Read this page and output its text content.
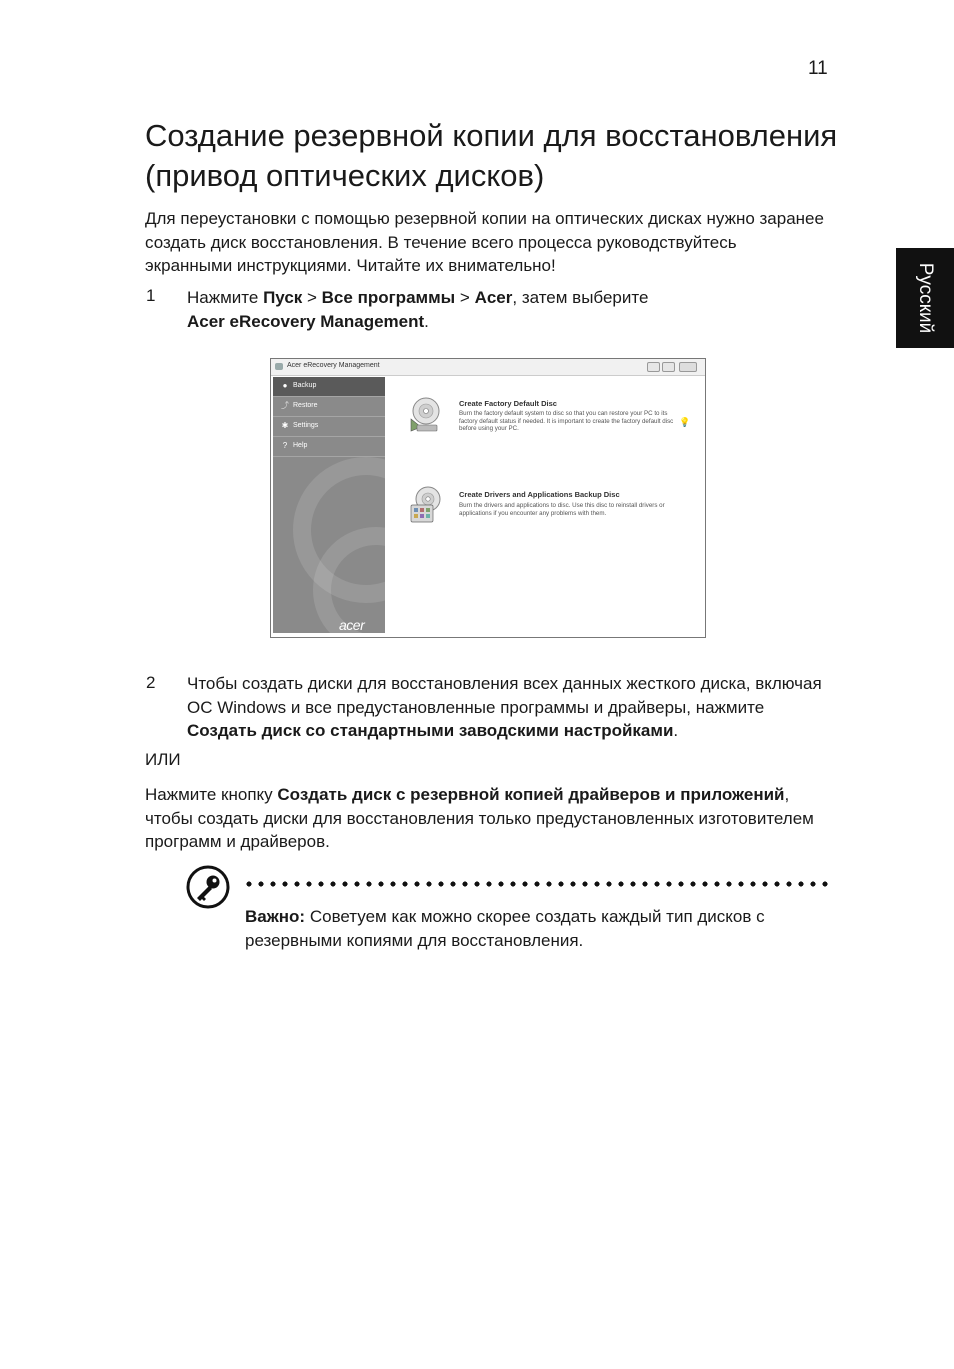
11
Русский
Создание резервной копии для восстановления (привод оптических дисков)
Для переустановки с помощью резервной копии на оптических дисках нужно заранее создать диск восстановления. В течение всего процесса руководствуйтесь экранными инструкциями. Читайте их внимательно!
1 Нажмите Пуск > Все программы > Acer, затем выберите
Acer eRecovery Management.
Acer eRecovery Management
● Backup
⤴ Restore
✱ Settings
? Help
acer
Create Factory Default Disc
Burn the factory default system to disc so that you can restore your PC to its factory default status if needed. It is important to create the factory default disc before using your PC.
💡
Create Drivers and Applications Backup Disc
Burn the drivers and applications to disc. Use this disc to reinstall drivers or applications if you encounter any problems with them.
2 Чтобы создать диски для восстановления всех данных жесткого диска, включая ОС Windows и все предустановленные программы и драйверы, нажмите Создать диск со стандартными заводскими настройками.
ИЛИ
Нажмите кнопку Создать диск с резервной копией драйверов и приложений, чтобы создать диски для восстановления только предустановленных изготовителем программ и драйверов.
Важно: Советуем как можно скорее создать каждый тип дисков с резервными копиями для восстановления.
